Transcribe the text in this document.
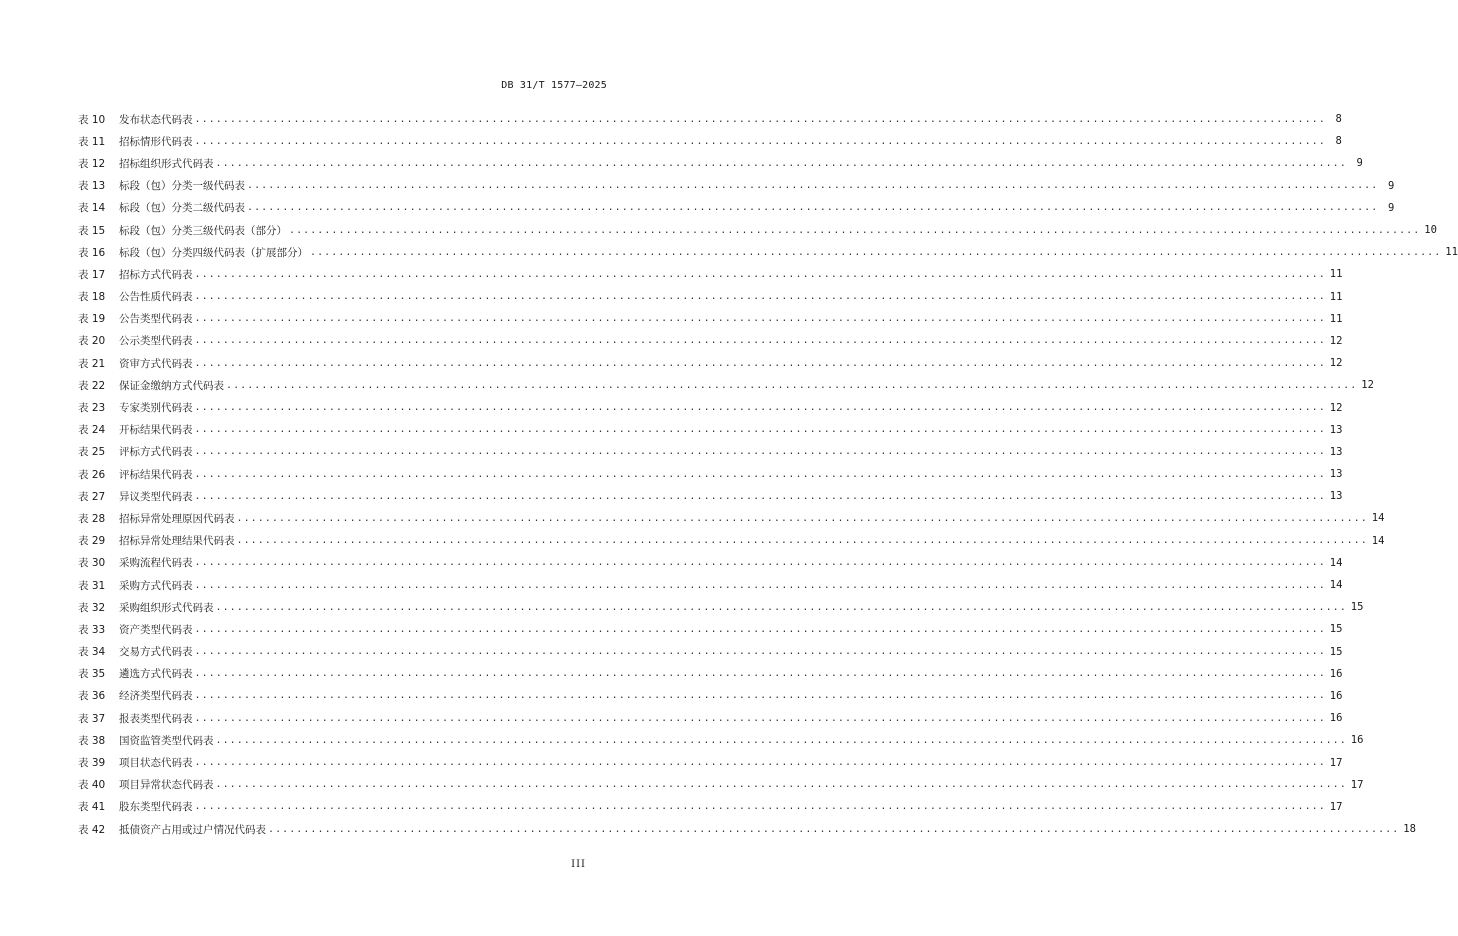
DB 31/T 1577—2025
表 10	发布状态代码表 ................................................................................................................................................................ 8
表 11	招标情形代码表 ................................................................................................................................................................ 8
表 12	招标组织形式代码表 ................................................................................................................................................................ 9
表 13	标段（包）分类一级代码表 ................................................................................................................................................................ 9
表 14	标段（包）分类二级代码表 ................................................................................................................................................................ 9
表 15	标段（包）分类三级代码表（部分） ................................................................................................................................................................ 10
表 16	标段（包）分类四级代码表（扩展部分） ................................................................................................................................................................ 11
表 17	招标方式代码表 ................................................................................................................................................................ 11
表 18	公告性质代码表 ................................................................................................................................................................ 11
表 19	公告类型代码表 ................................................................................................................................................................ 11
表 20	公示类型代码表 ................................................................................................................................................................ 12
表 21	资审方式代码表 ................................................................................................................................................................ 12
表 22	保证金缴纳方式代码表 ................................................................................................................................................................ 12
表 23	专家类别代码表 ................................................................................................................................................................ 12
表 24	开标结果代码表 ................................................................................................................................................................ 13
表 25	评标方式代码表 ................................................................................................................................................................ 13
表 26	评标结果代码表 ................................................................................................................................................................ 13
表 27	异议类型代码表 ................................................................................................................................................................ 13
表 28	招标异常处理原因代码表 ................................................................................................................................................................ 14
表 29	招标异常处理结果代码表 ................................................................................................................................................................ 14
表 30	采购流程代码表 ................................................................................................................................................................ 14
表 31	采购方式代码表 ................................................................................................................................................................ 14
表 32	采购组织形式代码表 ................................................................................................................................................................ 15
表 33	资产类型代码表 ................................................................................................................................................................ 15
表 34	交易方式代码表 ................................................................................................................................................................ 15
表 35	遴选方式代码表 ................................................................................................................................................................ 16
表 36	经济类型代码表 ................................................................................................................................................................ 16
表 37	报表类型代码表 ................................................................................................................................................................ 16
表 38	国资监管类型代码表 ................................................................................................................................................................ 16
表 39	项目状态代码表 ................................................................................................................................................................ 17
表 40	项目异常状态代码表 ................................................................................................................................................................ 17
表 41	股东类型代码表 ................................................................................................................................................................ 17
表 42	抵债资产占用或过户情况代码表 ................................................................................................................................................................ 18
III
